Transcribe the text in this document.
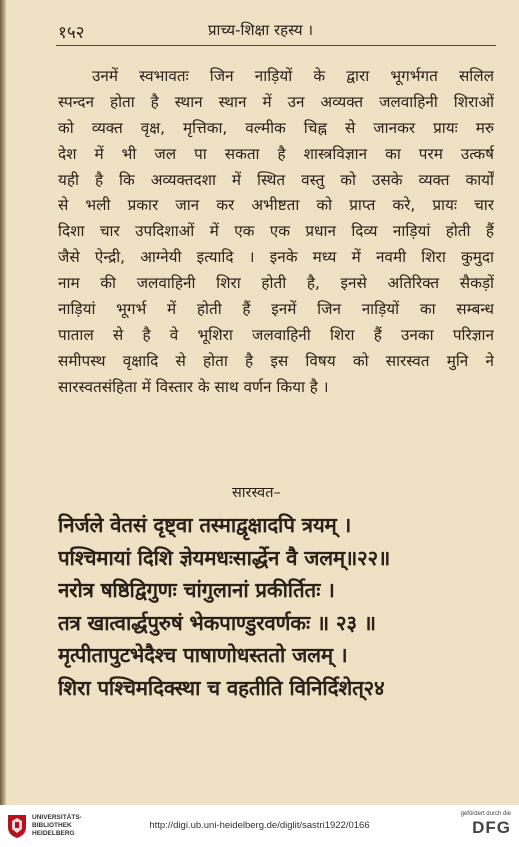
१५२	प्राच्य-शिक्षा रहस्य ।
उनमें स्वभावतः जिन नाड़ियों के द्वारा भूगर्भगत सलिल
स्पन्दन होता है स्थान स्थान में उन अव्यक्त जलवाहिनी शिराओं
को व्यक्त वृक्ष, मृत्तिका, वल्मीक चिह्न से जानकर प्रायः मरु
देश में भी जल पा सकता है शास्त्रविज्ञान का परम उत्कर्ष
यही है कि अव्यक्तदशा में स्थित वस्तु को उसके व्यक्त कार्यों
से भली प्रकार जान कर अभीष्टता को प्राप्त करे, प्रायः चार
दिशा चार उपदिशाओं में एक एक प्रधान दिव्य नाड़ियां होती हैं
जैसे ऐन्द्री, आग्नेयी इत्यादि । इनके मध्य में नवमी शिरा कुमुदा
नाम की जलवाहिनी शिरा होती है, इनसे अतिरिक्त सैकड़ों
नाड़ियां भूगर्भ में होती हैं इनमें जिन नाड़ियों का सम्बन्ध
पाताल से है वे भूशिरा जलवाहिनी शिरा हैं उनका परिज्ञान
समीपस्थ वृक्षादि से होता है इस विषय को सारस्वत मुनि ने
सारस्वतसंहिता में विस्तार के साथ वर्णन किया है ।
सारस्वत–
निर्जले वेतसं दृष्ट्वा तस्माद्वृक्षादपि त्रयम् ।
पश्चिमायां दिशि ज्ञेयमधःसार्द्धेन वै जलम्॥२२॥
नरोत्र षष्ठिद्विगुणः चांगुलानां प्रकीर्तितः ।
तत्र खात्वार्द्धपुरुषं भेकपाण्डुरवर्णकः ॥ २३ ॥
मृत्पीतापुटभेदैश्च पाषाणोधस्ततो जलम् ।
शिरा पश्चिमदिक्स्था च वहतीति विनिर्दिशेत्२४
UNIVERSITÄTS-
BIBLIOTHEK
HEIDELBERG
http://digi.ub.uni-heidelberg.de/diglit/sastri1922/0166
gefördert durch die
DFG
